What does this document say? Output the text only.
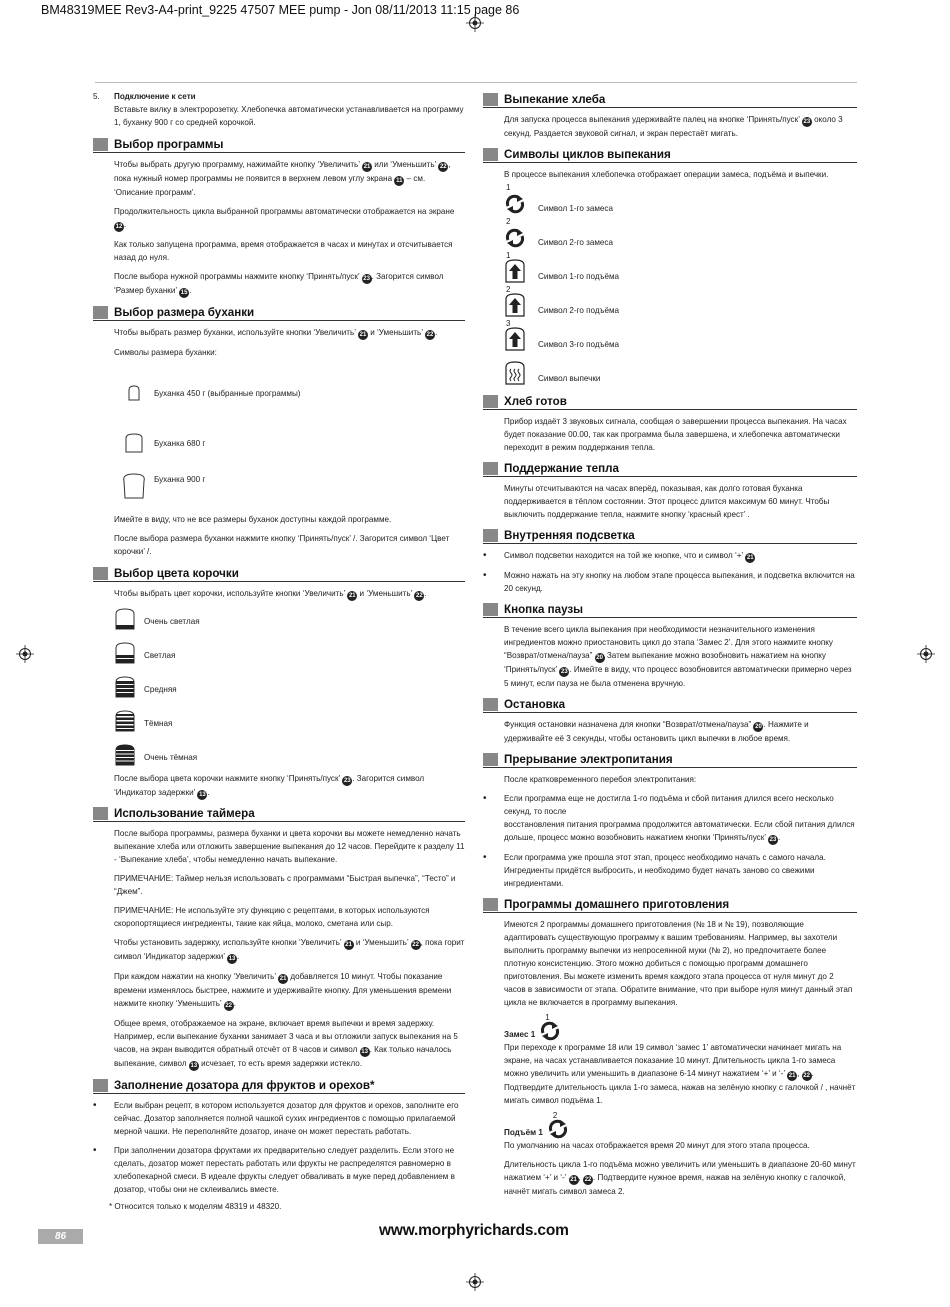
BM48319MEE Rev3-A4-print_9225 47507 MEE pump - Jon 08/11/2013 11:15 page 86
5.	Подключение к сети

Вставьте вилку в электророзетку. Хлебопечка автоматически устанавливается на программу 1, буханку 900 г со средней корочкой.

Выбор программы

Чтобы выбрать другую программу, нажимайте кнопку ‘Увеличить’ 21 или ‘Уменьшить’ 22 , пока нужный номер программы не появится в верхнем левом углу экрана 11 – см. ‘Описание программ’.

Продолжительность цикла выбранной программы автоматически отображается на экране 12 .

Как только запущена программа, время отображается в часах и минутах и отсчитывается назад до нуля.

После выбора нужной программы нажмите кнопку ‘Принять/пуск’ 23 . Загорится символ ‘Размер буханки’ 15 .

Выбор размера буханки

Чтобы выбрать размер буханки, используйте кнопки ‘Увеличить’ 21 и ‘Уменьшить’ 22 .

Символы размера буханки:

Буханка 450 г (выбранные программы)
Буханка 680 г
Буханка 900 г

Имейте в виду, что не все размеры буханок доступны каждой программе.

После выбора размера буханки нажмите кнопку ‘Принять/пуск’ /. Загорится символ ‘Цвет корочки’ /.

Выбор цвета корочки

Чтобы выбрать цвет корочки, используйте кнопки ‘Увеличить’ 21 и ‘Уменьшить’ 22 .

Очень светлая
Светлая
Средняя
Тёмная
Очень тёмная

После выбора цвета корочки нажмите кнопку ‘Принять/пуск’ 23 . Загорится символ ‘Индикатор задержки’ 13 .

Использование таймера

После выбора программы, размера буханки и цвета корочки вы можете немедленно начать выпекание хлеба или отложить завершение выпекания до 12 часов. Перейдите к разделу 11 - ‘Выпекание хлеба’, чтобы немедленно начать выпекание.

ПРИМЕЧАНИЕ: Таймер нельзя использовать с программами “Быстрая выпечка”, “Тесто” и “Джем”.

ПРИМЕЧАНИЕ: Не используйте эту функцию с рецептами, в которых используются скоропортящиеся ингредиенты, такие как яйца, молоко, сметана или сыр.

Чтобы установить задержку, используйте кнопки ‘Увеличить’ 21 и ‘Уменьшить’ 22 , пока горит символ ‘Индикатор задержки’ 13 .

При каждом нажатии на кнопку ‘Увеличить’ 21 добавляется 10 минут. Чтобы показание времени изменялось быстрее, нажмите и удерживайте кнопку. Для уменьшения времени нажмите кнопку ‘Уменьшить’ 22 .

Общее время, отображаемое на экране, включает время выпечки и время задержку. Например, если выпекание буханки занимает 3 часа и вы отложили запуск выпекания на 5 часов, на экран выводится обратный отсчёт от 8 часов и символ 13 . Как только началось выпекание, символ 13 исчезает, то есть время задержки истекло.

Заполнение дозатора для фруктов и орехов*

• Если выбран рецепт, в котором используется дозатор для фруктов и орехов, заполните его сейчас. Дозатор заполняется полной чашкой сухих ингредиентов с помощью прилагаемой мерной чашки. Не переполняйте дозатор, иначе он может перестать работать.

• При заполнении дозатора фруктами их предварительно следует разделить. Если этого не сделать, дозатор может перестать работать или фрукты не распределятся равномерно в хлебопекарной смеси. В идеале фрукты следует обваливать в муке перед добавлением в дозатор, чтобы они не склеивались вместе.

* Относится только к моделям 48319 и 48320.

Выпекание хлеба

Для запуска процесса выпекания удерживайте палец на кнопке ‘Принять/пуск’ 23 около 3 секунд. Раздается звуковой сигнал, и экран перестаёт мигать.

Символы циклов выпекания

В процессе выпекания хлебопечка отображает операции замеса, подъёма и выпечки.

1
Символ 1-го замеса
2
Символ 2-го замеса
1
Символ 1-го подъёма
2
Символ 2-го подъёма
3
Символ 3-го подъёма
Символ выпечки
Хлеб готов

Прибор издаёт 3 звуковых сигнала, сообщая о завершении процесса выпекания. На часах будет показание 00.00, так как программа была завершена, и хлебопечка автоматически переходит в режим поддержания тепла.

Поддержание тепла

Минуты отсчитываются на часах вперёд, показывая, как долго готовая буханка поддерживается в тёплом состоянии. Этот процесс длится максимум 60 минут. Чтобы выключить поддержание тепла, нажмите кнопку ‘красный крест’ .

Внутренняя подсветка

• Символ подсветки находится на той же кнопке, что и символ ‘+’ 21

• Можно нажать на эту кнопку на любом этапе процесса выпекания, и подсветка включится на 20 секунд.

Кнопка паузы

В течение всего цикла выпекания при необходимости незначительного изменения ингредиентов можно приостановить цикл до этапа ‘Замес 2’. Для этого нажмите кнопку “Возврат/отмена/пауза” 20 Затем выпекание можно возобновить нажатием на кнопку ‘Принять/пуск’ 23 . Имейте в виду, что процесс возобновится автоматически примерно через 5 минут, если пауза не была отменена вручную.

Остановка

Функция остановки назначена для кнопки “Возврат/отмена/пауза” 20 . Нажмите и удерживайте её 3 секунды, чтобы остановить цикл выпечки в любое время.

Прерывание электропитания

После кратковременного перебоя электропитания:

• Если программа еще не достигла 1-го подъёма и сбой питания длился всего несколько секунд, то после

восстановления питания программа продолжится автоматически. Если сбой питания длился дольше, процесс можно возобновить нажатием кнопки ‘Принять/пуск’ 23 .

• Если программа уже прошла этот этап, процесс необходимо начать с самого начала. Ингредиенты придётся выбросить, и необходимо будет начать заново со свежими ингредиентами.

Программы домашнего приготовления

Имеются 2 программы домашнего приготовления (№ 18 и № 19), позволяющие адаптировать существующую программу к вашим требованиям. Например, вы захотели выполнить программу выпечки из непросеянной муки (№ 2), но предпочитаете более плотную консистенцию. Этого можно добиться с помощью программ домашнего приготовления. Вы можете изменить время каждого этапа процесса от нуля минут до 2 часов в зависимости от этапа. Обратите внимание, что при выборе нуля минут данный этап цикла не включается в программу выпекания.

Замес 1
1

При переходе к программе 18 или 19 символ ‘замес 1’ автоматически начинает мигать на экране, на часах устанавливается показание 10 минут. Длительность цикла 1-го замеса можно увеличить или уменьшить в диапазоне 6-14 минут нажатием ‘+’ и ‘-’ 21 , 22 .

Подтвердите длительность цикла 1-го замеса, нажав на зелёную кнопку с галочкой / , начнёт мигать символ подъёма 1.

Подъём 1
2

По умолчанию на часах отображается время 20 минут для этого этапа процесса.

Длительность цикла 1-го подъёма можно увеличить или уменьшить в диапазоне 20-60 минут нажатием ‘+’ и ‘-’ 21 , 22 . Подтвердите нужное время, нажав на зелёную кнопку с галочкой, начнёт мигать символ замеса 2.

86	www.morphyrichards.com
